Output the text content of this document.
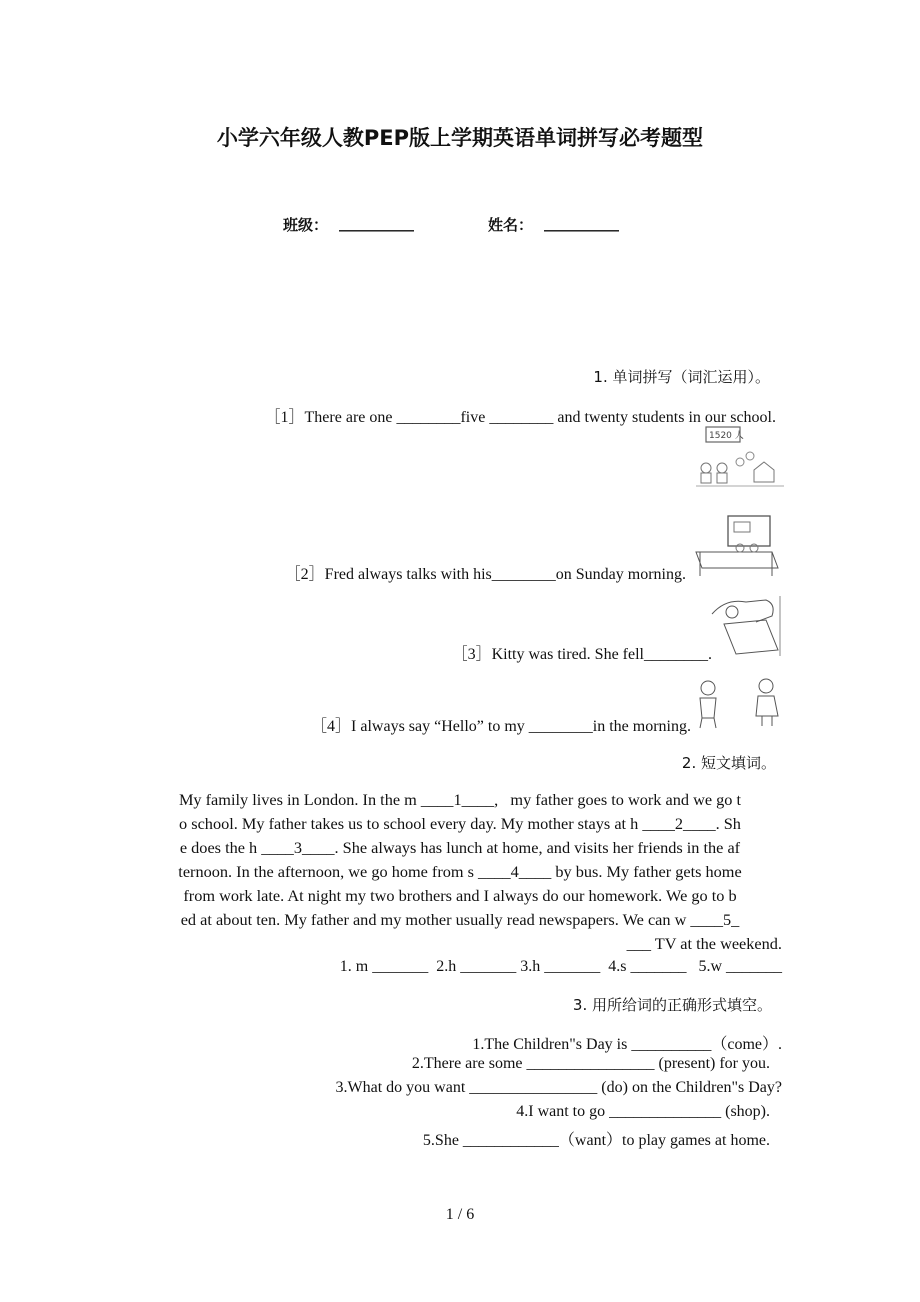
小学六年级人教PEP版上学期英语单词拼写必考题型
班级： __________	姓名： __________
1. 单词拼写（词汇运用）。
［1］There are one ________five ________ and twenty students in our school.
1520 人
［2］Fred always talks with his________on Sunday morning.
［3］Kitty was tired. She fell________.
［4］I always say “Hello” to my ________in the morning.
2. 短文填词。
My family lives in London. In the m ____1____,   my father goes to work and we go t
o school. My father takes us to school every day. My mother stays at h ____2____. Sh
e does the h ____3____. She always has lunch at home, and visits her friends in the af
ternoon. In the afternoon, we go home from s ____4____ by bus. My father gets home
from work late. At night my two brothers and I always do our homework. We go to b
ed at about ten. My father and my mother usually read newspapers. We can w ____5_
___ TV at the weekend.
1. m _______  2.h _______ 3.h _______  4.s _______   5.w _______
3. 用所给词的正确形式填空。
1.The Children"s Day is __________（come）.
2.There are some ________________ (present) for you.
3.What do you want ________________ (do) on the Children"s Day?
4.I want to go ______________ (shop).
5.She ____________（want）to play games at home.
1 / 6
